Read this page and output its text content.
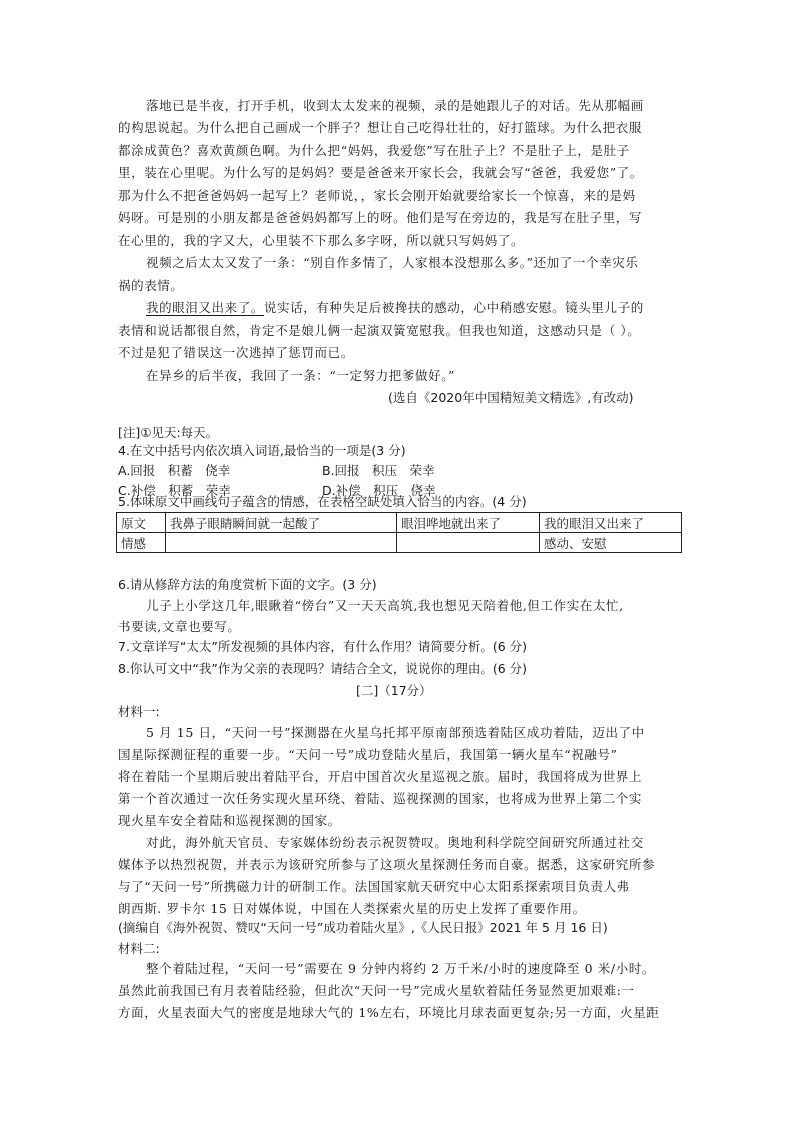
落地已是半夜，打开手机，收到太太发来的视频，录的是她跟儿子的对话。先从那幅画
的构思说起。为什么把自己画成一个胖子？想让自己吃得壮壮的，好打篮球。为什么把衣服
都涂成黄色？喜欢黄颜色啊。为什么把“妈妈，我爱您”写在肚子上？不是肚子上，是肚子
里，装在心里呢。为什么写的是妈妈？要是爸爸来开家长会，我就会写“爸爸，我爱您”了。
那为什么不把爸爸妈妈一起写上？老师说，，家长会刚开始就要给家长一个惊喜，来的是妈
妈呀。可是别的小朋友都是爸爸妈妈都写上的呀。他们是写在旁边的，我是写在肚子里，写
在心里的，我的字又大，心里装不下那么多字呀，所以就只写妈妈了。
视频之后太太又发了一条：“别自作多情了，人家根本没想那么多。”还加了一个幸灾乐
祸的表情。
我的眼泪又出来了。说实话，有种失足后被搀扶的感动，心中稍感安慰。镜头里儿子的
表情和说话都很自然，肯定不是娘儿俩一起演双簧宽慰我。但我也知道，这感动只是（ ）。
不过是犯了错误这一次逃掉了惩罚而已。
在异乡的后半夜，我回了一条：“一定努力把爹做好。”
(选自《2020年中国精短美文精选》,有改动)
[注]①见天:每天。
4.在文中括号内依次填入词语,最恰当的一项是(3 分)
A.回报　积蓄　侥幸	B.回报　积压　荣幸
C.补偿　积蓄　荣幸	D.补偿　积压　侥幸
5.体味原文中画线句子蕴含的情感，在表格空缺处填入恰当的内容。(4 分)
原文	我鼻子眼睛瞬间就一起酸了	眼泪哗地就出来了	我的眼泪又出来了
情感			感动、安慰
6.请从修辞方法的角度赏析下面的文字。(3 分)
儿子上小学这几年,眼瞅着“傍台”又一天天高筑,我也想见天陪着他,但工作实在太忙,
书要读,文章也要写。
7.文章详写“太太”所发视频的具体内容，有什么作用？请简要分析。(6 分)
8.你认可文中“我”作为父亲的表现吗？请结合全文，说说你的理由。(6 分)
[二]（17分）
材料一:
5 月 15 日，“天问一号”探测器在火星乌托邦平原南部预选着陆区成功着陆，迈出了中
国星际探测征程的重要一步。“天问一号”成功登陆火星后，我国第一辆火星车“祝融号”
将在着陆一个星期后驶出着陆平台，开启中国首次火星巡视之旅。届时，我国将成为世界上
第一个首次通过一次任务实现火星环绕、着陆、巡视探测的国家，也将成为世界上第二个实
现火星车安全着陆和巡视探测的国家。
对此，海外航天官员、专家媒体纷纷表示祝贺赞叹。奥地利科学院空间研究所通过社交
媒体予以热烈祝贺，并表示为该研究所参与了这项火星探测任务而自豪。据悉，这家研究所参
与了“天问一号”所携磁力计的研制工作。法国国家航天研究中心太阳系探索项目负责人弗
朗西斯. 罗卡尔 15 日对媒体说，中国在人类探索火星的历史上发挥了重要作用。
(摘编自《海外祝贺、赞叹“天问一号”成功着陆火星》,《人民日报》2021 年 5 月 16 日)
材料二:
整个着陆过程，“天问一号”需要在 9 分钟内将约 2 万千米/小时的速度降至 0 米/小时。
虽然此前我国已有月表着陆经验，但此次“天问一号”完成火星软着陆任务显然更加艰难:一
方面，火星表面大气的密度是地球大气的 1%左右，环境比月球表面更复杂;另一方面，火星距
